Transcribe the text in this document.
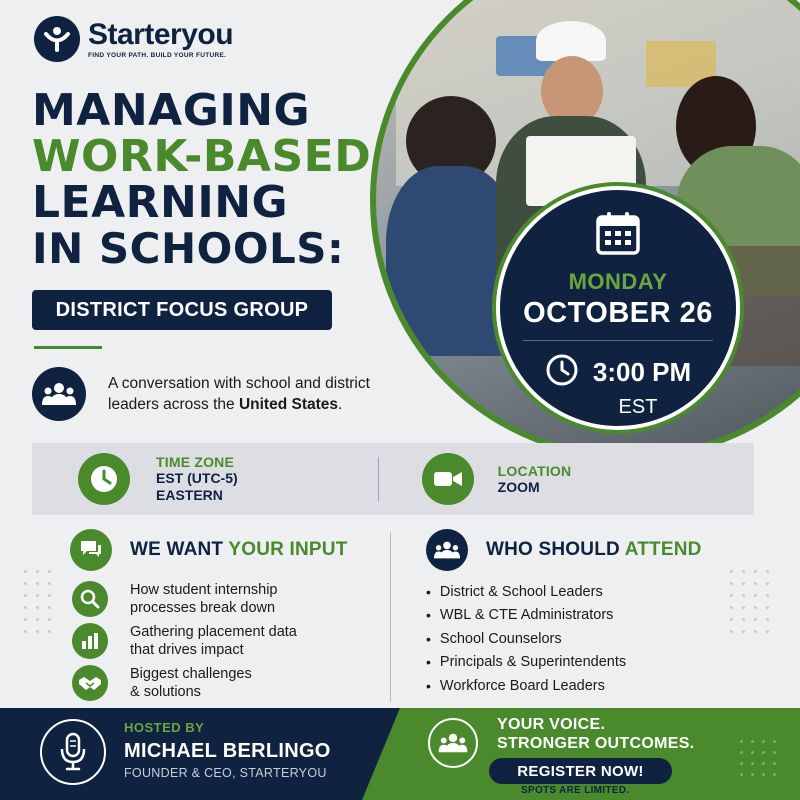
Starteryou
FIND YOUR PATH. BUILD YOUR FUTURE.
MANAGING
WORK-BASED
LEARNING
IN SCHOOLS:
DISTRICT FOCUS GROUP
A conversation with school and district leaders across the United States.
MONDAY
OCTOBER 26
3:00 PM
EST
TIME ZONE
EST (UTC-5)
EASTERN
LOCATION
ZOOM
WE WANT YOUR INPUT
How student internship
processes break down
Gathering placement data
that drives impact
Biggest challenges
& solutions
WHO SHOULD ATTEND
• District & School Leaders
• WBL & CTE Administrators
• School Counselors
• Principals & Superintendents
• Workforce Board Leaders
HOSTED BY
MICHAEL BERLINGO
FOUNDER & CEO, STARTERYOU
YOUR VOICE.
STRONGER OUTCOMES.
REGISTER NOW!
SPOTS ARE LIMITED.
